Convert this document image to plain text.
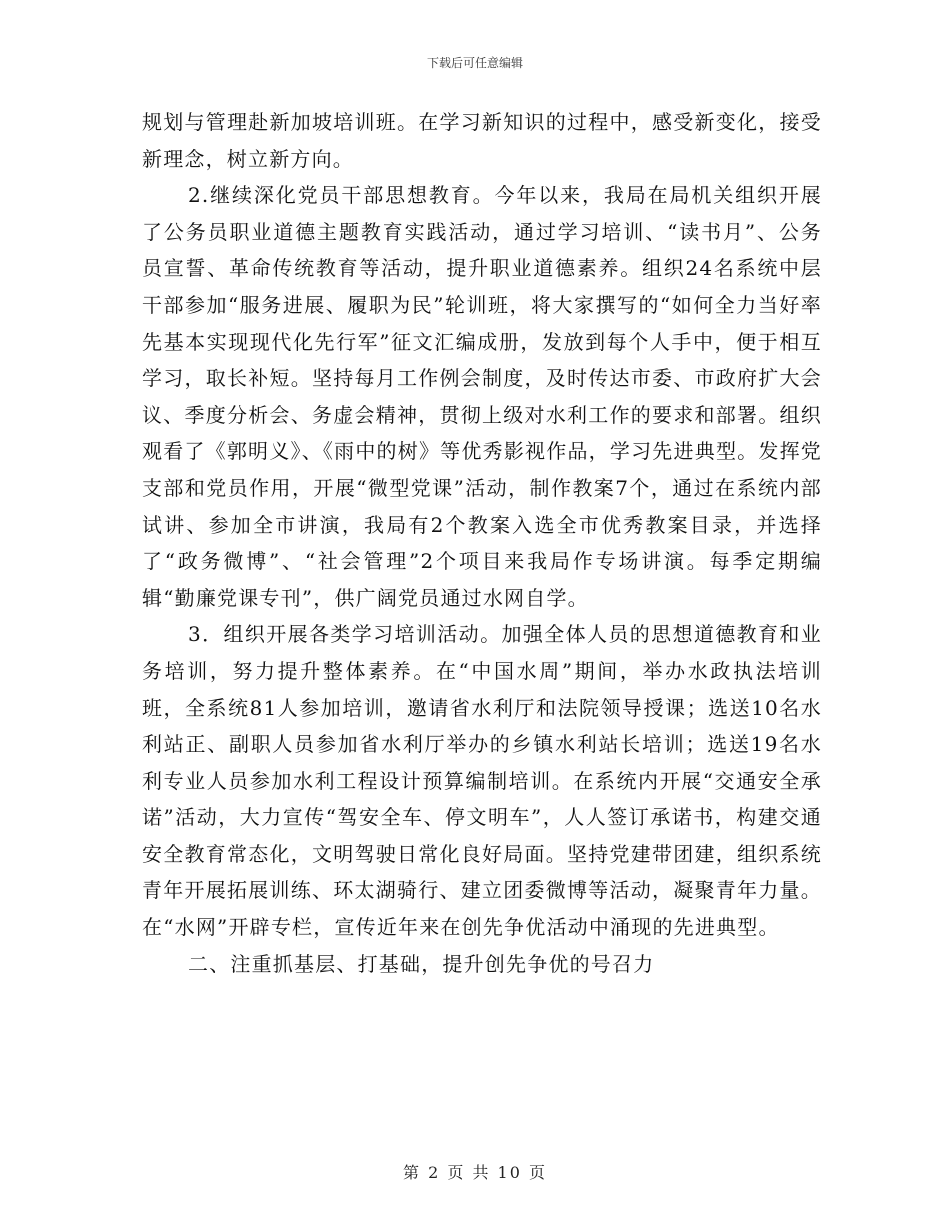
下载后可任意编辑

规划与管理赴新加坡培训班。在学习新知识的过程中，感受新变化，接受新理念，树立新方向。

2.继续深化党员干部思想教育。今年以来，我局在局机关组织开展了公务员职业道德主题教育实践活动，通过学习培训、“读书月”、公务员宣誓、革命传统教育等活动，提升职业道德素养。组织24名系统中层干部参加“服务进展、履职为民”轮训班，将大家撰写的“如何全力当好率先基本实现现代化先行军”征文汇编成册，发放到每个人手中，便于相互学习，取长补短。坚持每月工作例会制度，及时传达市委、市政府扩大会议、季度分析会、务虚会精神，贯彻上级对水利工作的要求和部署。组织观看了《郭明义》、《雨中的树》等优秀影视作品，学习先进典型。发挥党支部和党员作用，开展“微型党课”活动，制作教案7个，通过在系统内部试讲、参加全市讲演，我局有2个教案入选全市优秀教案目录，并选择了“政务微博”、“社会管理”2个项目来我局作专场讲演。每季定期编辑“勤廉党课专刊”，供广阔党员通过水网自学。

3．组织开展各类学习培训活动。加强全体人员的思想道德教育和业务培训，努力提升整体素养。在“中国水周”期间，举办水政执法培训班，全系统81人参加培训，邀请省水利厅和法院领导授课；选送10名水利站正、副职人员参加省水利厅举办的乡镇水利站长培训；选送19名水利专业人员参加水利工程设计预算编制培训。在系统内开展“交通安全承诺”活动，大力宣传“驾安全车、停文明车”，人人签订承诺书，构建交通安全教育常态化，文明驾驶日常化良好局面。坚持党建带团建，组织系统青年开展拓展训练、环太湖骑行、建立团委微博等活动，凝聚青年力量。在“水网”开辟专栏，宣传近年来在创先争优活动中涌现的先进典型。

二、注重抓基层、打基础，提升创先争优的号召力

第 2 页 共 10 页
